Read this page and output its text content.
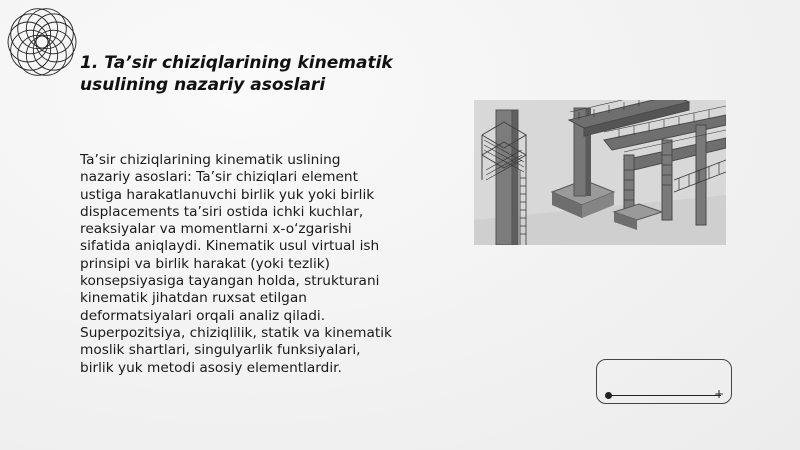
1. Ta’sir chiziqlarining kinematik
usulining nazariy asoslari
Ta’sir chiziqlarining kinematik uslining
nazariy asoslari: Ta’sir chiziqlari element
ustiga harakatlanuvchi birlik yuk yoki birlik
displacements ta’siri ostida ichki kuchlar,
reaksiyalar va momentlarni x-o‘zgarishi
sifatida aniqlaydi. Kinematik usul virtual ish
prinsipi va birlik harakat (yoki tezlik)
konsepsiyasiga tayangan holda, strukturani
kinematik jihatdan ruxsat etilgan
deformatsiyalari orqali analiz qiladi.
Superpozitsiya, chiziqlilik, statik va kinematik
moslik shartlari, singulyarlik funksiyalari,
birlik yuk metodi asosiy elementlardir.
+
